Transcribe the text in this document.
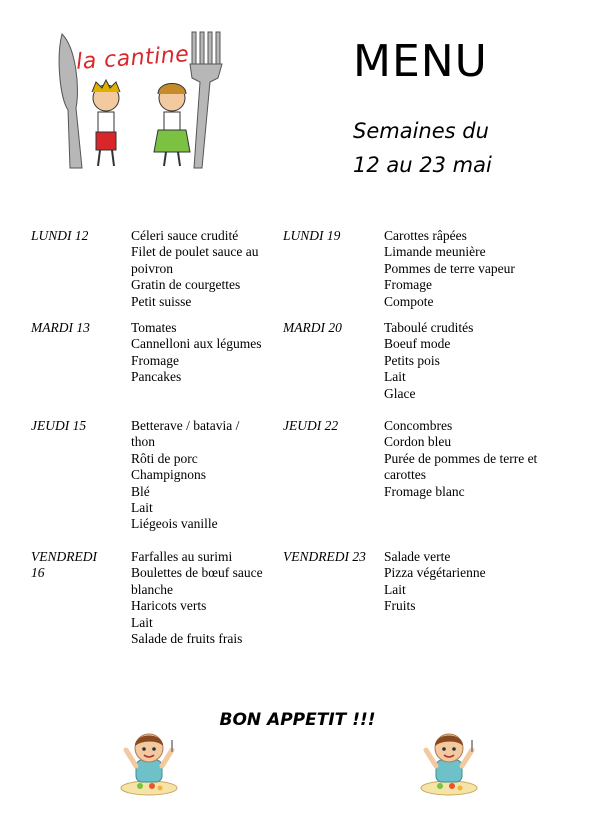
la cantine	MENU
Semaines du
12 au 23 mai
LUNDI 12	Céleri sauce crudité
Filet de poulet sauce au poivron
Gratin de courgettes
Petit suisse
MARDI 13	Tomates
Cannelloni aux légumes
Fromage
Pancakes
JEUDI 15	Betterave / batavia / thon
Rôti de porc
Champignons
Blé
Lait
Liégeois vanille
VENDREDI 16
Farfalles au surimi
Boulettes de bœuf sauce blanche
Haricots verts
Lait
Salade de fruits frais
LUNDI 19	Carottes râpées
Limande meunière
Pommes de terre vapeur
Fromage
Compote
MARDI 20	Taboulé crudités
Boeuf mode
Petits pois
Lait
Glace
JEUDI 22	Concombres
Cordon bleu
Purée de pommes de terre et carottes
Fromage blanc
VENDREDI 23	Salade verte
Pizza végétarienne
Lait
Fruits
BON APPETIT !!!
